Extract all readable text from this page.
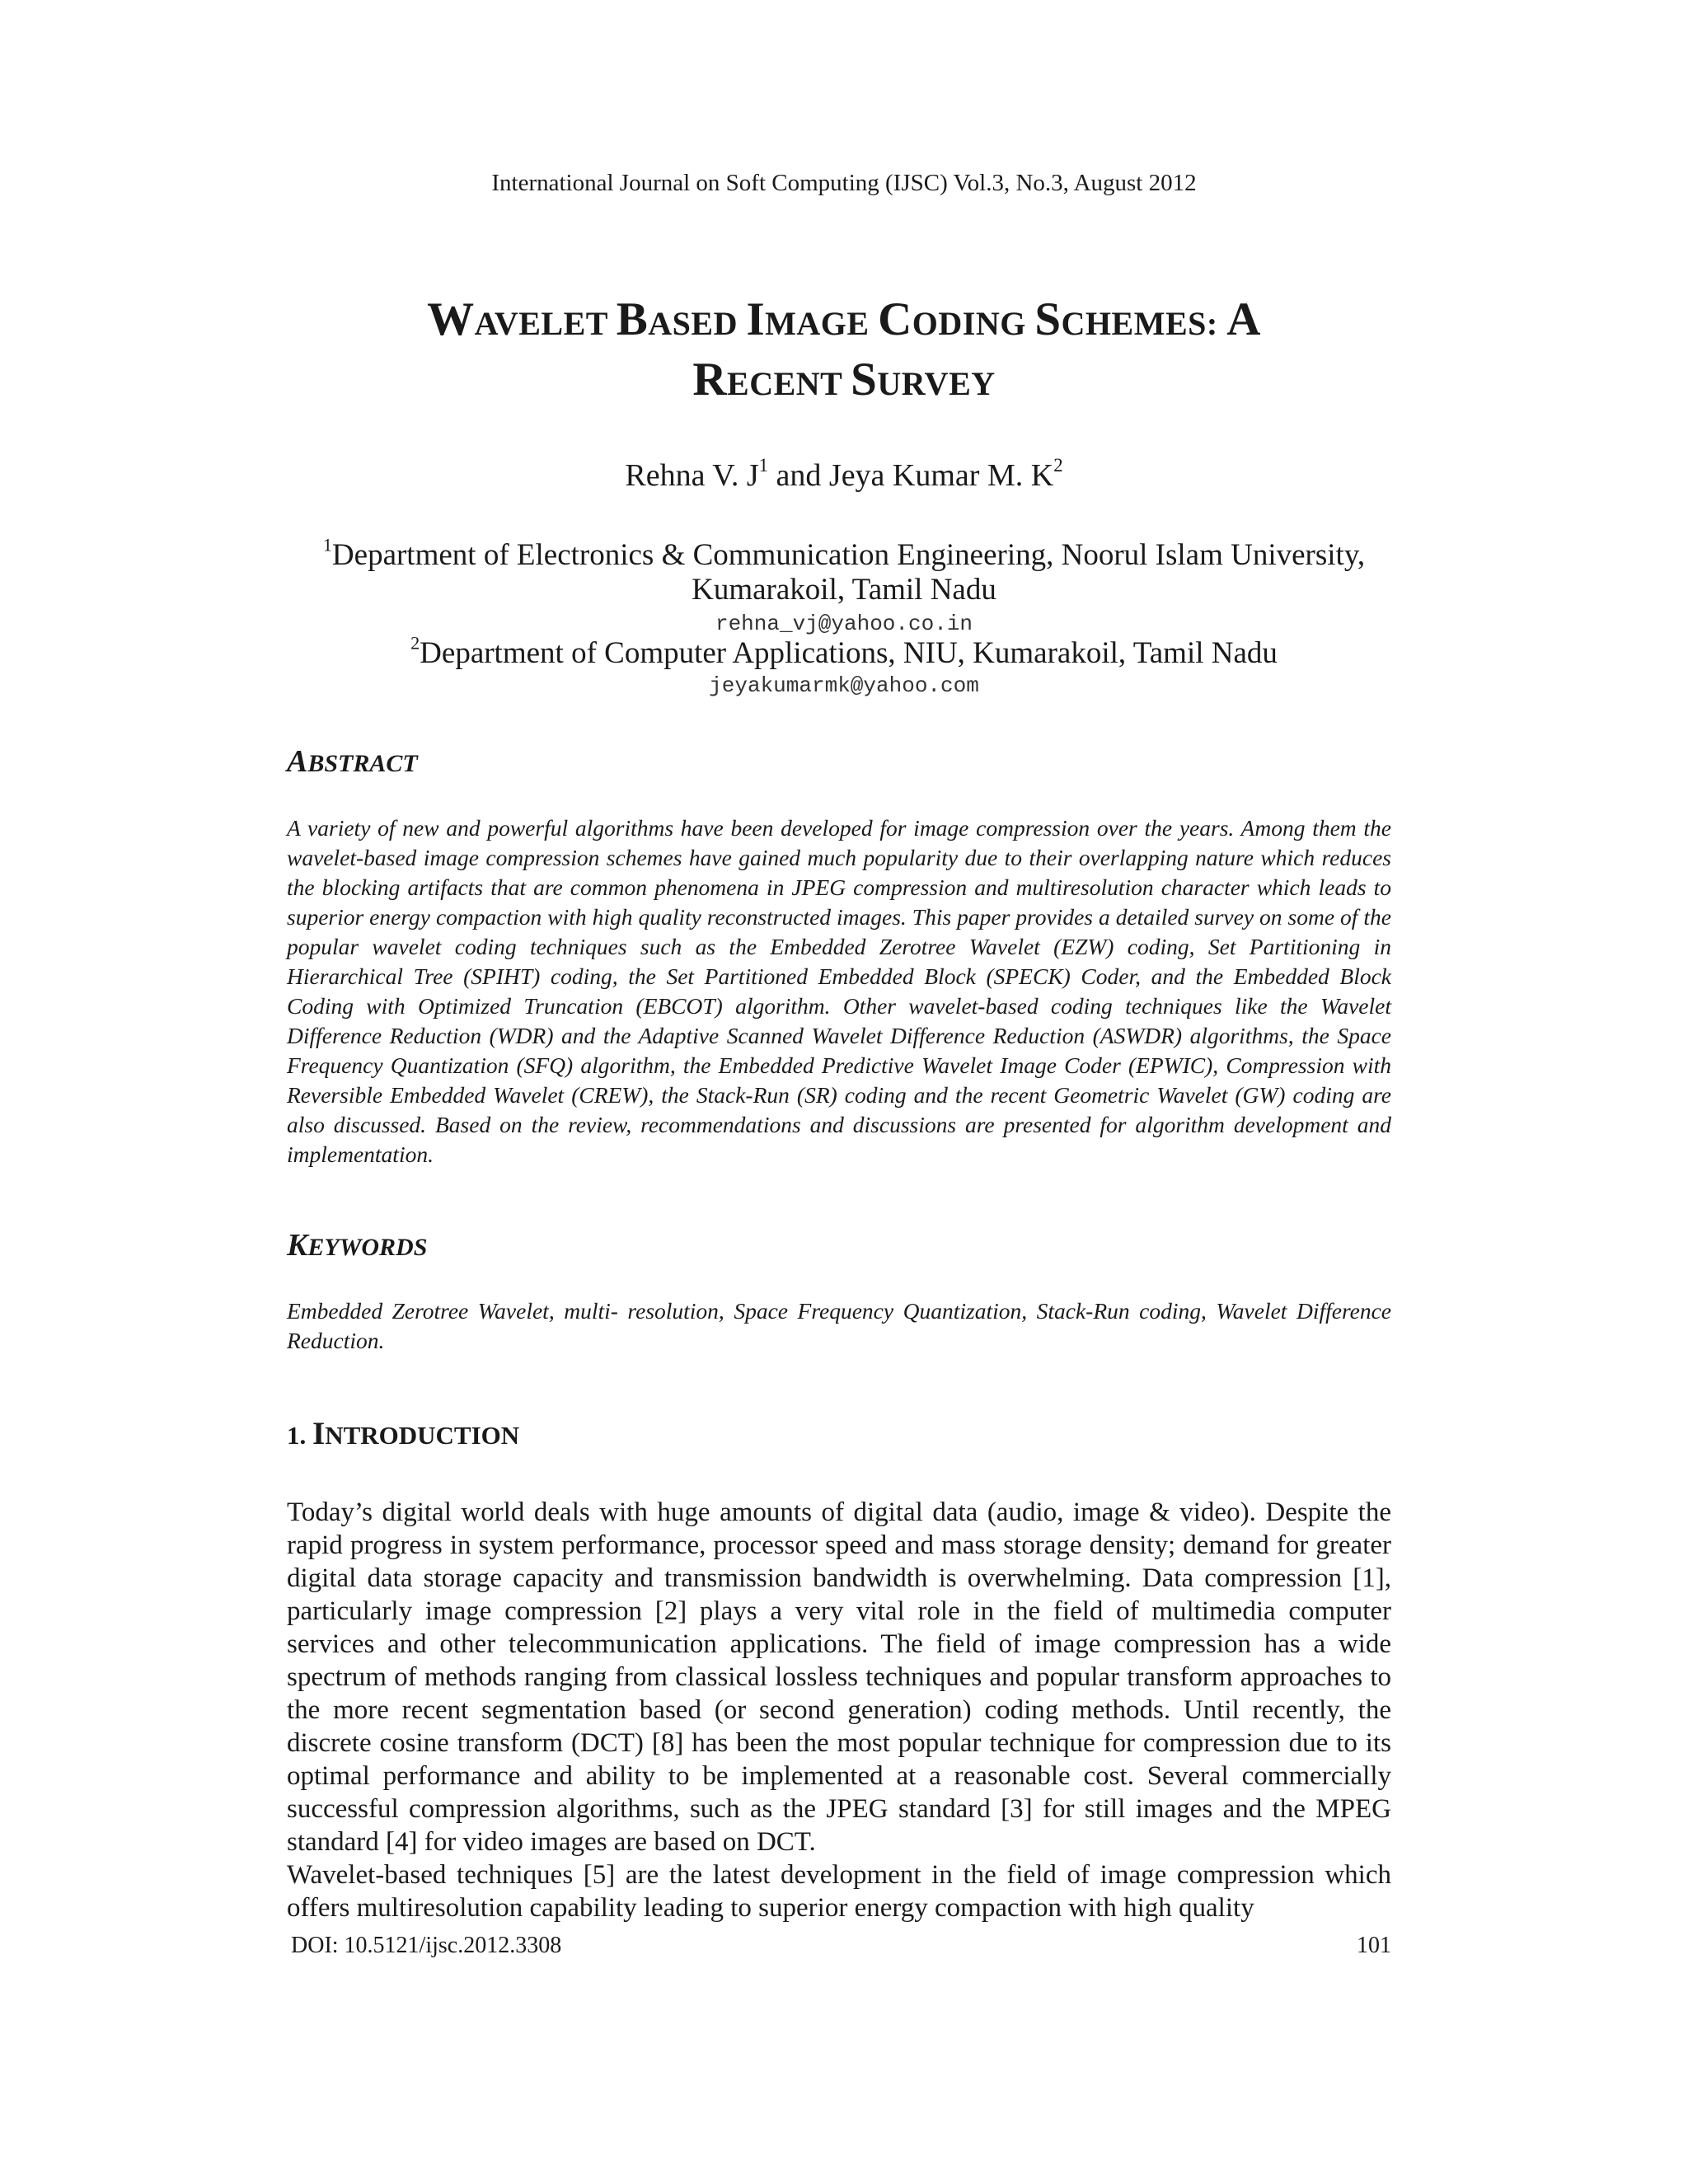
International Journal on Soft Computing (IJSC) Vol.3, No.3, August 2012
WAVELET BASED IMAGE CODING SCHEMES: A
RECENT SURVEY
Rehna V. $J^1$ and Jeya Kumar M. $K^2$
$^1$Department of Electronics & Communication Engineering, Noorul Islam University,
Kumarakoil, Tamil Nadu
rehna_vj@yahoo.co.in
$^2$Department of Computer Applications, NIU, Kumarakoil, Tamil Nadu
jeyakumarmk@yahoo.com
ABSTRACT

A variety of new and powerful algorithms have been developed for image compression over the years. Among them the wavelet-based image compression schemes have gained much popularity due to their overlapping nature which reduces the blocking artifacts that are common phenomena in JPEG compression and multiresolution character which leads to superior energy compaction with high quality reconstructed images. This paper provides a detailed survey on some of the popular wavelet coding techniques such as the Embedded Zerotree Wavelet (EZW) coding, Set Partitioning in Hierarchical Tree (SPIHT) coding, the Set Partitioned Embedded Block (SPECK) Coder, and the Embedded Block Coding with Optimized Truncation (EBCOT) algorithm. Other wavelet-based coding techniques like the Wavelet Difference Reduction (WDR) and the Adaptive Scanned Wavelet Difference Reduction (ASWDR) algorithms, the Space Frequency Quantization (SFQ) algorithm, the Embedded Predictive Wavelet Image Coder (EPWIC), Compression with Reversible Embedded Wavelet (CREW), the Stack-Run (SR) coding and the recent Geometric Wavelet (GW) coding are also discussed. Based on the review, recommendations and discussions are presented for algorithm development and implementation.

KEYWORDS

Embedded Zerotree Wavelet, multi- resolution, Space Frequency Quantization, Stack-Run coding, Wavelet Difference Reduction.

1. INTRODUCTION

Today’s digital world deals with huge amounts of digital data (audio, image & video). Despite the rapid progress in system performance, processor speed and mass storage density; demand for greater digital data storage capacity and transmission bandwidth is overwhelming. Data compression [1], particularly image compression [2] plays a very vital role in the field of multimedia computer services and other telecommunication applications. The field of image compression has a wide spectrum of methods ranging from classical lossless techniques and popular transform approaches to the more recent segmentation based (or second generation) coding methods. Until recently, the discrete cosine transform (DCT) [8] has been the most popular technique for compression due to its optimal performance and ability to be implemented at a reasonable cost. Several commercially successful compression algorithms, such as the JPEG standard [3] for still images and the MPEG standard [4] for video images are based on DCT.

Wavelet-based techniques [5] are the latest development in the field of image compression which offers multiresolution capability leading to superior energy compaction with high quality

DOI: 10.5121/ijsc.2012.3308	101
